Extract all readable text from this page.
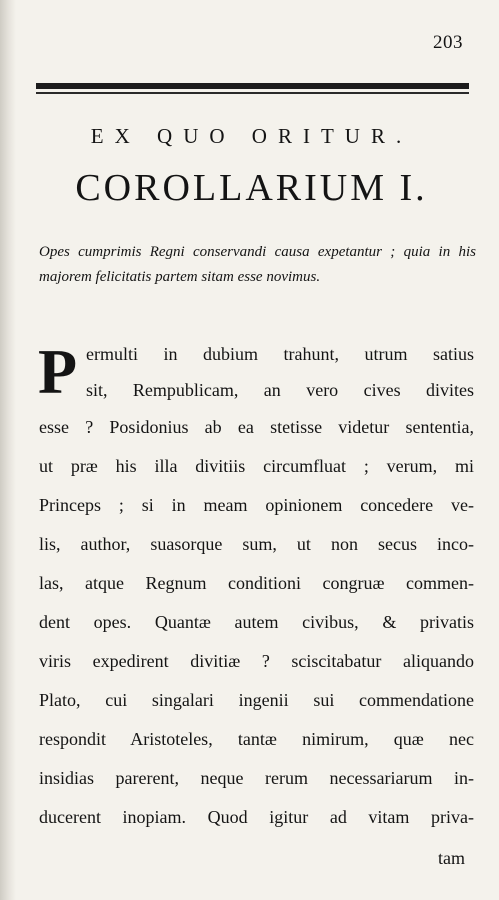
203
EX QUO ORITUR.
COROLLARIUM I.
Opes cumprimis Regni conservandi causa expetantur ; quia in his majorem felicitatis partem sitam esse novimus.
P ermulti in dubium trahunt, utrum satius
sit, Rempublicam, an vero cives divites
esse ? Posidonius ab ea stetisse videtur sententia,
ut præ his illa divitiis circumfluat ; verum, mi
Princeps ; si in meam opinionem concedere ve-
lis, author, suasorque sum, ut non secus inco-
las, atque Regnum conditioni congruæ commen-
dent opes. Quantæ autem civibus, & privatis
viris expedirent divitiæ ? sciscitabatur aliquando
Plato, cui singalari ingenii sui commendatione
respondit Aristoteles, tantæ nimirum, quæ nec
insidias parerent, neque rerum necessariarum in-
ducerent inopiam. Quod igitur ad vitam priva-
tam
